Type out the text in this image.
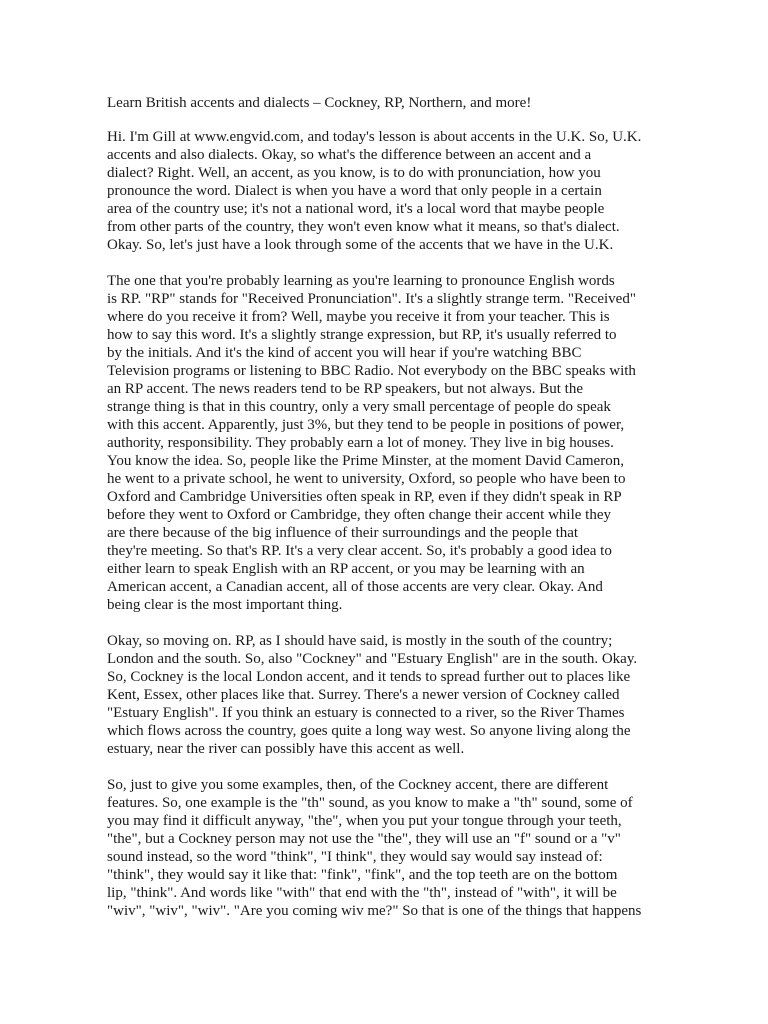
Learn British accents and dialects – Cockney, RP, Northern, and more!
Hi. I'm Gill at www.engvid.com, and today's lesson is about accents in the U.K. So, U.K.
accents and also dialects. Okay, so what's the difference between an accent and a
dialect? Right. Well, an accent, as you know, is to do with pronunciation, how you
pronounce the word. Dialect is when you have a word that only people in a certain
area of the country use; it's not a national word, it's a local word that maybe people
from other parts of the country, they won't even know what it means, so that's dialect.
Okay. So, let's just have a look through some of the accents that we have in the U.K.
The one that you're probably learning as you're learning to pronounce English words
is RP. "RP" stands for "Received Pronunciation". It's a slightly strange term. "Received"
where do you receive it from? Well, maybe you receive it from your teacher. This is
how to say this word. It's a slightly strange expression, but RP, it's usually referred to
by the initials. And it's the kind of accent you will hear if you're watching BBC
Television programs or listening to BBC Radio. Not everybody on the BBC speaks with
an RP accent. The news readers tend to be RP speakers, but not always. But the
strange thing is that in this country, only a very small percentage of people do speak
with this accent. Apparently, just 3%, but they tend to be people in positions of power,
authority, responsibility. They probably earn a lot of money. They live in big houses.
You know the idea. So, people like the Prime Minster, at the moment David Cameron,
he went to a private school, he went to university, Oxford, so people who have been to
Oxford and Cambridge Universities often speak in RP, even if they didn't speak in RP
before they went to Oxford or Cambridge, they often change their accent while they
are there because of the big influence of their surroundings and the people that
they're meeting. So that's RP. It's a very clear accent. So, it's probably a good idea to
either learn to speak English with an RP accent, or you may be learning with an
American accent, a Canadian accent, all of those accents are very clear. Okay. And
being clear is the most important thing.
Okay, so moving on. RP, as I should have said, is mostly in the south of the country;
London and the south. So, also "Cockney" and "Estuary English" are in the south. Okay.
So, Cockney is the local London accent, and it tends to spread further out to places like
Kent, Essex, other places like that. Surrey. There's a newer version of Cockney called
"Estuary English". If you think an estuary is connected to a river, so the River Thames
which flows across the country, goes quite a long way west. So anyone living along the
estuary, near the river can possibly have this accent as well.
So, just to give you some examples, then, of the Cockney accent, there are different
features. So, one example is the "th" sound, as you know to make a "th" sound, some of
you may find it difficult anyway, "the", when you put your tongue through your teeth,
"the", but a Cockney person may not use the "the", they will use an "f" sound or a "v"
sound instead, so the word "think", "I think", they would say would say instead of:
"think", they would say it like that: "fink", "fink", and the top teeth are on the bottom
lip, "think". And words like "with" that end with the "th", instead of "with", it will be
"wiv", "wiv", "wiv". "Are you coming wiv me?" So that is one of the things that happens
